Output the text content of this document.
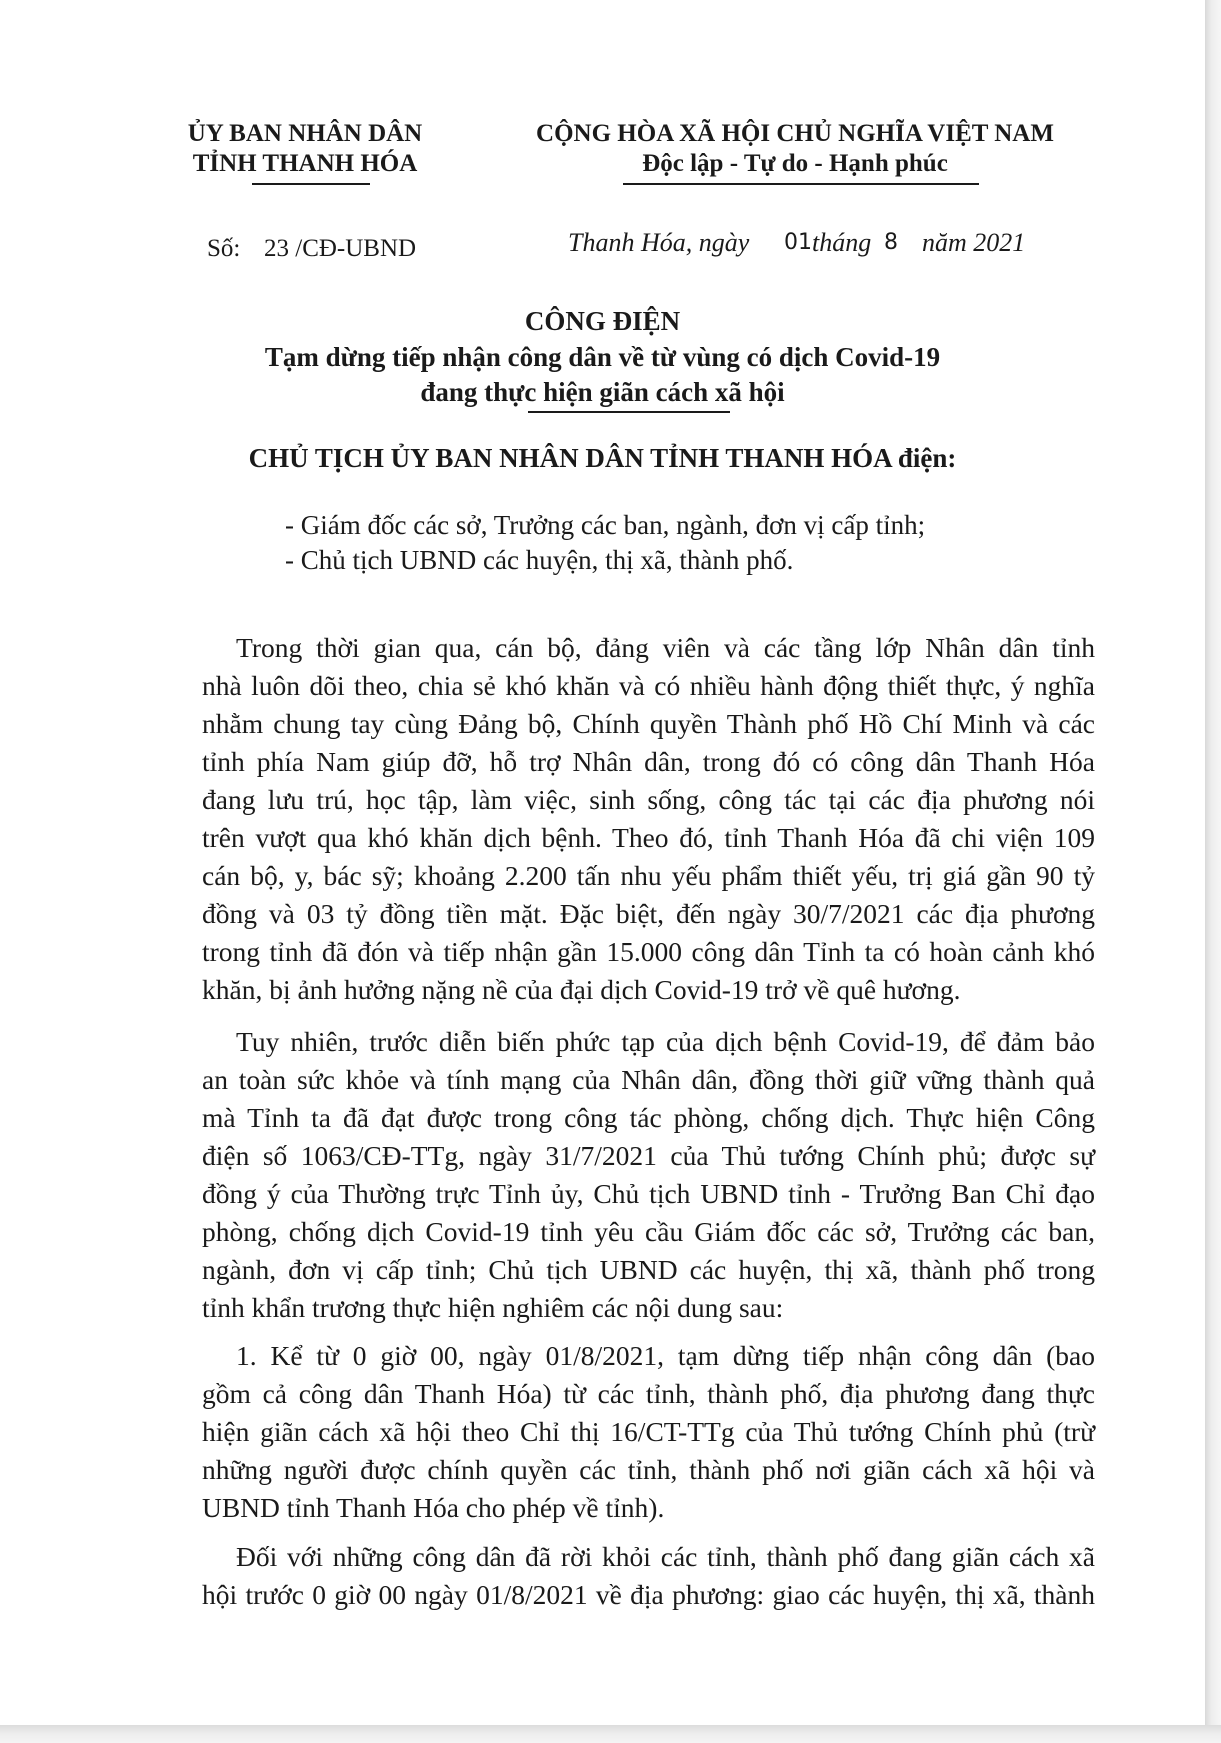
ỦY BAN NHÂN DÂN
TỈNH THANH HÓA
Số: 23 /CĐ-UBND
CỘNG HÒA XÃ HỘI CHỦ NGHĨA VIỆT NAM
Độc lập - Tự do - Hạnh phúc
Thanh Hóa, ngày 01 tháng 8 năm 2021
CÔNG ĐIỆN
Tạm dừng tiếp nhận công dân về từ vùng có dịch Covid-19
đang thực hiện giãn cách xã hội
CHỦ TỊCH ỦY BAN NHÂN DÂN TỈNH THANH HÓA điện:
- Giám đốc các sở, Trưởng các ban, ngành, đơn vị cấp tỉnh;
- Chủ tịch UBND các huyện, thị xã, thành phố.
Trong thời gian qua, cán bộ, đảng viên và các tầng lớp Nhân dân tỉnh
nhà luôn dõi theo, chia sẻ khó khăn và có nhiều hành động thiết thực, ý nghĩa
nhằm chung tay cùng Đảng bộ, Chính quyền Thành phố Hồ Chí Minh và các
tỉnh phía Nam giúp đỡ, hỗ trợ Nhân dân, trong đó có công dân Thanh Hóa
đang lưu trú, học tập, làm việc, sinh sống, công tác tại các địa phương nói
trên vượt qua khó khăn dịch bệnh. Theo đó, tỉnh Thanh Hóa đã chi viện 109
cán bộ, y, bác sỹ; khoảng 2.200 tấn nhu yếu phẩm thiết yếu, trị giá gần 90 tỷ
đồng và 03 tỷ đồng tiền mặt. Đặc biệt, đến ngày 30/7/2021 các địa phương
trong tỉnh đã đón và tiếp nhận gần 15.000 công dân Tỉnh ta có hoàn cảnh khó
khăn, bị ảnh hưởng nặng nề của đại dịch Covid-19 trở về quê hương.
Tuy nhiên, trước diễn biến phức tạp của dịch bệnh Covid-19, để đảm bảo
an toàn sức khỏe và tính mạng của Nhân dân, đồng thời giữ vững thành quả
mà Tỉnh ta đã đạt được trong công tác phòng, chống dịch. Thực hiện Công
điện số 1063/CĐ-TTg, ngày 31/7/2021 của Thủ tướng Chính phủ; được sự
đồng ý của Thường trực Tỉnh ủy, Chủ tịch UBND tỉnh - Trưởng Ban Chỉ đạo
phòng, chống dịch Covid-19 tỉnh yêu cầu Giám đốc các sở, Trưởng các ban,
ngành, đơn vị cấp tỉnh; Chủ tịch UBND các huyện, thị xã, thành phố trong
tỉnh khẩn trương thực hiện nghiêm các nội dung sau:
1. Kể từ 0 giờ 00, ngày 01/8/2021, tạm dừng tiếp nhận công dân (bao
gồm cả công dân Thanh Hóa) từ các tỉnh, thành phố, địa phương đang thực
hiện giãn cách xã hội theo Chỉ thị 16/CT-TTg của Thủ tướng Chính phủ (trừ
những người được chính quyền các tỉnh, thành phố nơi giãn cách xã hội và
UBND tỉnh Thanh Hóa cho phép về tỉnh).
Đối với những công dân đã rời khỏi các tỉnh, thành phố đang giãn cách xã
hội trước 0 giờ 00 ngày 01/8/2021 về địa phương: giao các huyện, thị xã, thành
